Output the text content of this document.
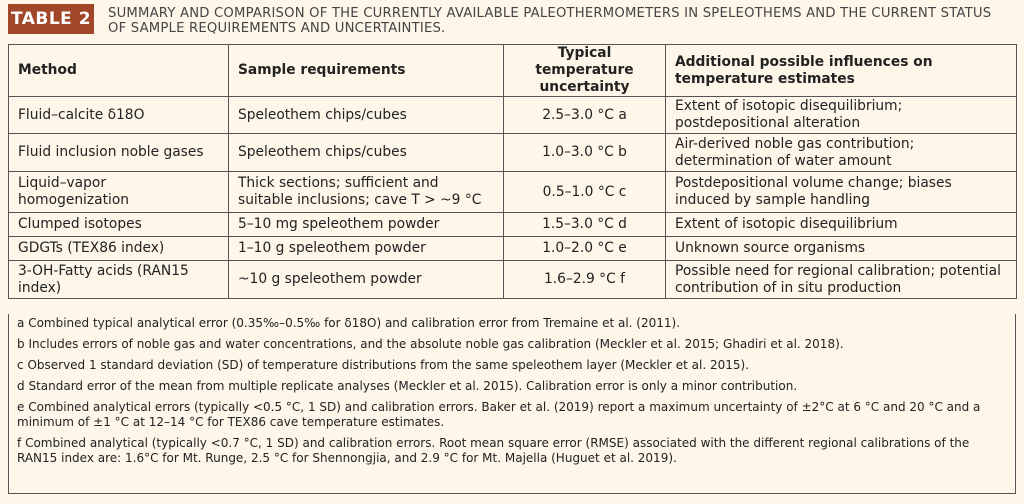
TABLE 2 SUMMARY AND COMPARISON OF THE CURRENTLY AVAILABLE PALEOTHERMOMETERS IN SPELEOTHEMS AND THE CURRENT STATUS OF SAMPLE REQUIREMENTS AND UNCERTAINTIES.
Method	Sample requirements	Typical temperature uncertainty	Additional possible influences on temperature estimates
Fluid–calcite δ18O	Speleothem chips/cubes	2.5–3.0 °C a	Extent of isotopic disequilibrium; postdepositional alteration
Fluid inclusion noble gases	Speleothem chips/cubes	1.0–3.0 °C b	Air-derived noble gas contribution; determination of water amount
Liquid–vapor homogenization	Thick sections; sufficient and suitable inclusions; cave T > ~9 °C	0.5–1.0 °C c	Postdepositional volume change; biases induced by sample handling
Clumped isotopes	5–10 mg speleothem powder	1.5–3.0 °C d	Extent of isotopic disequilibrium
GDGTs (TEX86 index)	1–10 g speleothem powder	1.0–2.0 °C e	Unknown source organisms
3-OH-Fatty acids (RAN15 index)	~10 g speleothem powder	1.6–2.9 °C f	Possible need for regional calibration; potential contribution of in situ production

a Combined typical analytical error (0.35‰–0.5‰ for δ18O) and calibration error from Tremaine et al. (2011).

b Includes errors of noble gas and water concentrations, and the absolute noble gas calibration (Meckler et al. 2015; Ghadiri et al. 2018).

c Observed 1 standard deviation (SD) of temperature distributions from the same speleothem layer (Meckler et al. 2015).

d Standard error of the mean from multiple replicate analyses (Meckler et al. 2015). Calibration error is only a minor contribution.

e Combined analytical errors (typically <0.5 °C, 1 SD) and calibration errors. Baker et al. (2019) report a maximum uncertainty of ±2°C at 6 °C and 20 °C and a minimum of ±1 °C at 12–14 °C for TEX86 cave temperature estimates.

f Combined analytical (typically <0.7 °C, 1 SD) and calibration errors. Root mean square error (RMSE) associated with the different regional calibrations of the RAN15 index are: 1.6°C for Mt. Runge, 2.5 °C for Shennongjia, and 2.9 °C for Mt. Majella (Huguet et al. 2019).
